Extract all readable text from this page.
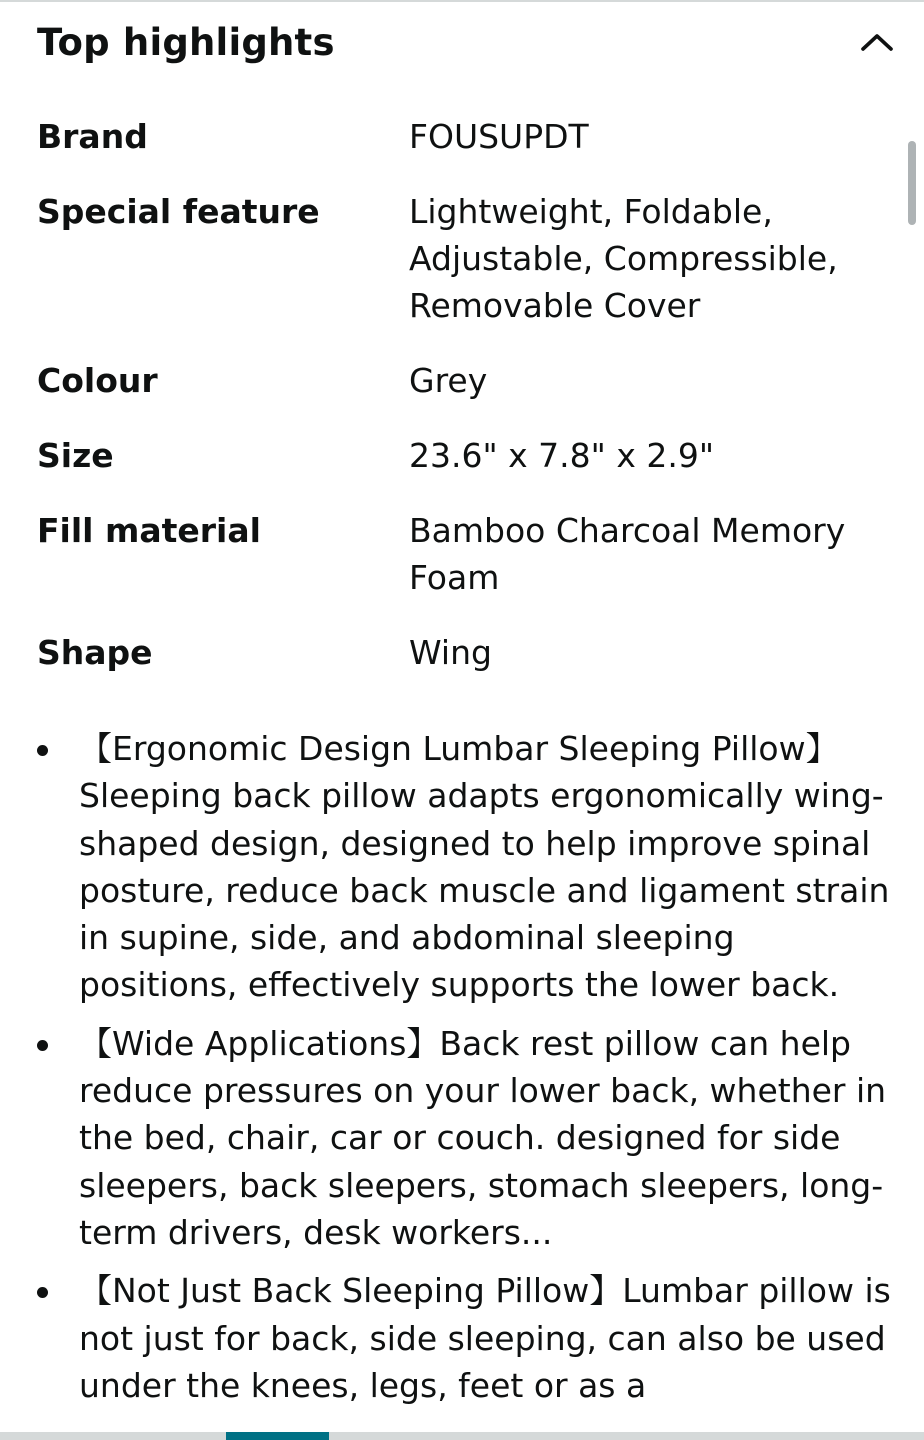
Top highlights
Brand	FOUSUPDT
Special feature	Lightweight, Foldable, Adjustable, Compressible, Removable Cover
Colour	Grey
Size	23.6" x 7.8" x 2.9"
Fill material	Bamboo Charcoal Memory Foam
Shape	Wing
【Ergonomic Design Lumbar Sleeping Pillow】Sleeping back pillow adapts ergonomically wing-shaped design, designed to help improve spinal posture, reduce back muscle and ligament strain in supine, side, and abdominal sleeping positions, effectively supports the lower back.
【Wide Applications】Back rest pillow can help reduce pressures on your lower back, whether in the bed, chair, car or couch. designed for side sleepers, back sleepers, stomach sleepers, long-term drivers, desk workers...
【Not Just Back Sleeping Pillow】Lumbar pillow is not just for back, side sleeping, can also be used under the knees, legs, feet or as a
